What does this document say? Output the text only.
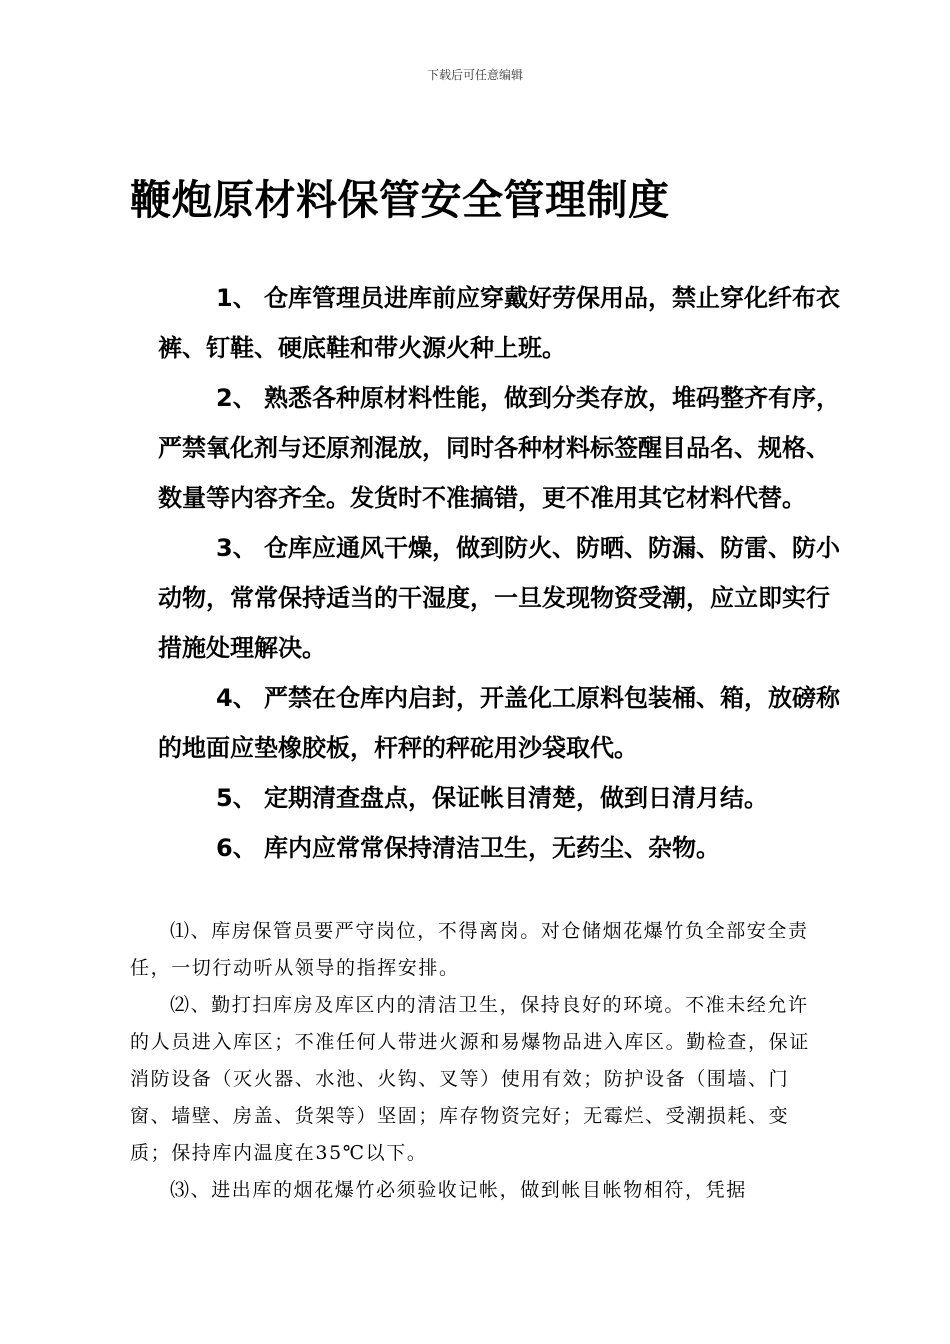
下载后可任意编辑
鞭炮原材料保管安全管理制度

1、 仓库管理员进库前应穿戴好劳保用品，禁止穿化纤布衣裤、钉鞋、硬底鞋和带火源火种上班。

2、 熟悉各种原材料性能，做到分类存放，堆码整齐有序，严禁氧化剂与还原剂混放，同时各种材料标签醒目品名、规格、数量等内容齐全。发货时不准搞错，更不准用其它材料代替。

3、 仓库应通风干燥，做到防火、防晒、防漏、防雷、防小动物，常常保持适当的干湿度，一旦发现物资受潮，应立即实行措施处理解决。

4、 严禁在仓库内启封，开盖化工原料包装桶、箱，放磅称的地面应垫橡胶板，杆秤的秤砣用沙袋取代。

5、 定期清查盘点，保证帐目清楚，做到日清月结。

6、 库内应常常保持清洁卫生，无药尘、杂物。

⑴、库房保管员要严守岗位，不得离岗。对仓储烟花爆竹负全部安全责任，一切行动听从领导的指挥安排。

⑵、勤打扫库房及库区内的清洁卫生，保持良好的环境。不准未经允许的人员进入库区；不准任何人带进火源和易爆物品进入库区。勤检查，保证消防设备（灭火器、水池、火钩、叉等）使用有效；防护设备（围墙、门窗、墙壁、房盖、货架等）坚固；库存物资完好；无霉烂、受潮损耗、变质；保持库内温度在35℃以下。

⑶、进出库的烟花爆竹必须验收记帐，做到帐目帐物相符，凭据
